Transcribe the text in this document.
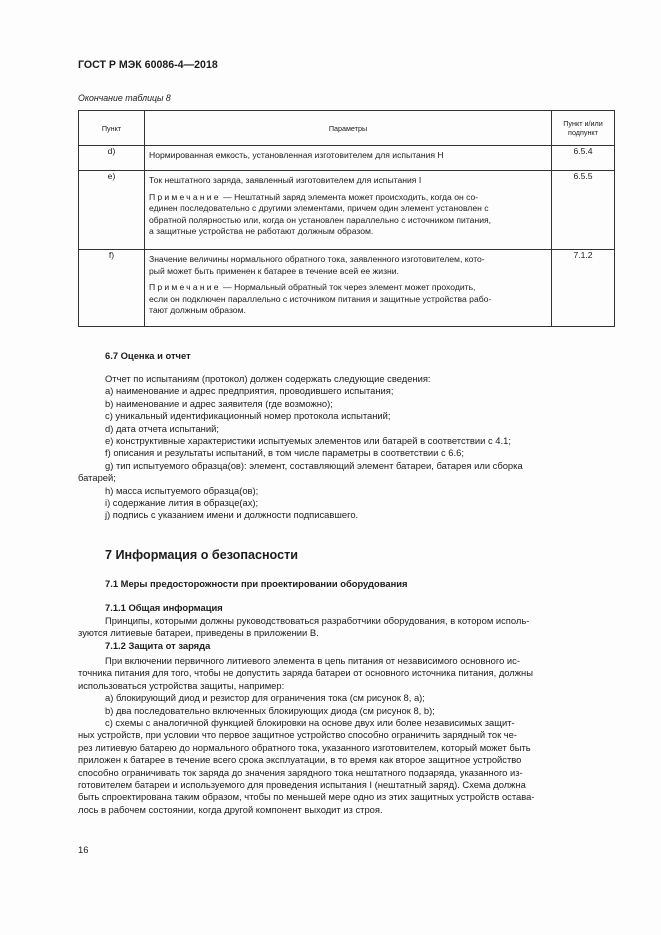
ГОСТ Р МЭК 60086-4—2018
Окончание таблицы 8
Пункт	Параметры	Пункт и/или подпункт
d)	Нормированная емкость, установленная изготовителем для испытания H	6.5.4
e)	Ток нештатного заряда, заявленный изготовителем для испытания I
Примечание — Нештатный заряд элемента может происходить, когда он со-
единен последовательно с другими элементами, причем один элемент установлен с
обратной полярностью или, когда он установлен параллельно с источником питания,
а защитные устройства не работают должным образом.	6.5.5
f)	Значение величины нормального обратного тока, заявленного изготовителем, кото-
рый может быть применен к батарее в течение всей ее жизни.
Примечание — Нормальный обратный ток через элемент может проходить,
если он подключен параллельно с источником питания и защитные устройства рабо-
тают должным образом.	7.1.2
6.7 Оценка и отчет
Отчет по испытаниям (протокол) должен содержать следующие сведения:
a) наименование и адрес предприятия, проводившего испытания;
b) наименование и адрес заявителя (где возможно);
c) уникальный идентификационный номер протокола испытаний;
d) дата отчета испытаний;
e) конструктивные характеристики испытуемых элементов или батарей в соответствии с 4.1;
f) описания и результаты испытаний, в том числе параметры в соответствии с 6.6;
g) тип испытуемого образца(ов): элемент, составляющий элемент батареи, батарея или сборка
батарей;
h) масса испытуемого образца(ов);
i) содержание лития в образце(ах);
j) подпись с указанием имени и должности подписавшего.
7 Информация о безопасности
7.1 Меры предосторожности при проектировании оборудования
7.1.1 Общая информация
Принципы, которыми должны руководствоваться разработчики оборудования, в котором исполь-
зуются литиевые батареи, приведены в приложении B.
7.1.2 Защита от заряда
При включении первичного литиевого элемента в цепь питания от независимого основного ис-
точника питания для того, чтобы не допустить заряда батареи от основного источника питания, должны
использоваться устройства защиты, например:
a) блокирующий диод и резистор для ограничения тока (см рисунок 8, a);
b) два последовательно включенных блокирующих диода (см рисунок 8, b);
c) схемы с аналогичной функцией блокировки на основе двух или более независимых защит-
ных устройств, при условии что первое защитное устройство способно ограничить зарядный ток че-
рез литиевую батарею до нормального обратного тока, указанного изготовителем, который может быть
приложен к батарее в течение всего срока эксплуатации, в то время как второе защитное устройство
способно ограничивать ток заряда до значения зарядного тока нештатного подзаряда, указанного из-
готовителем батареи и используемого для проведения испытания I (нештатный заряд). Схема должна
быть спроектирована таким образом, чтобы по меньшей мере одно из этих защитных устройств остава-
лось в рабочем состоянии, когда другой компонент выходит из строя.
16
